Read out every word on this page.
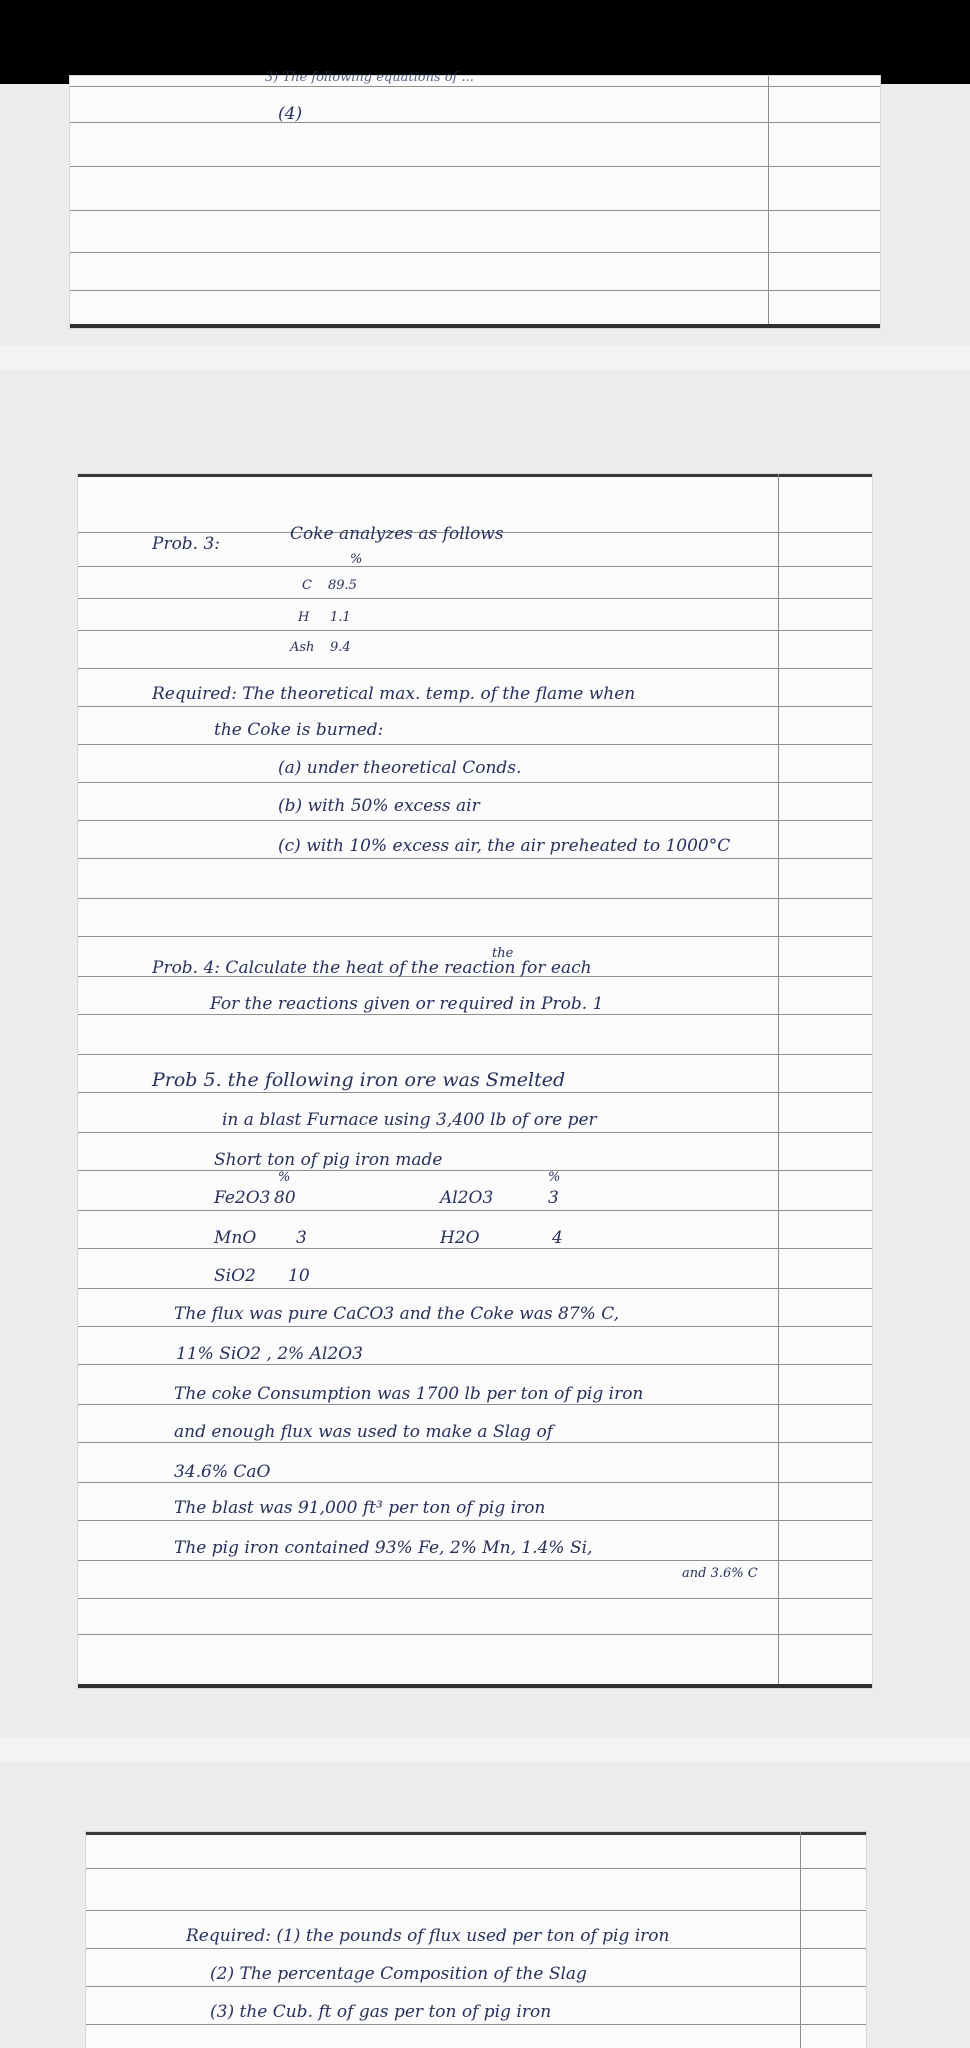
3) The following equations of ...
(4)
Prob. 3:	Coke analyzes as follows
%
C 89.5
H 1.1
Ash 9.4
Required: The theoretical max. temp. of the flame when
the Coke is burned:
(a) under theoretical Conds.
(b) with 50% excess air
(c) with 10% excess air, the air preheated to 1000°C
the
Prob. 4: Calculate the heat of the reaction for each
For the reactions given or required in Prob. 1
Prob 5. the following iron ore was Smelted
in a blast Furnace using 3,400 lb of ore per
Short ton of pig iron made
%	%
Fe2O3 80	Al2O3	3
MnO 3	H2O	4
SiO2 10
The flux was pure CaCO3 and the Coke was 87% C,
11% SiO2 , 2% Al2O3
The coke Consumption was 1700 lb per ton of pig iron
and enough flux was used to make a Slag of
34.6% CaO
The blast was 91,000 ft³ per ton of pig iron
The pig iron contained 93% Fe, 2% Mn, 1.4% Si,
and 3.6% C
Required: (1) the pounds of flux used per ton of pig iron
(2) The percentage Composition of the Slag
(3) the Cub. ft of gas per ton of pig iron
